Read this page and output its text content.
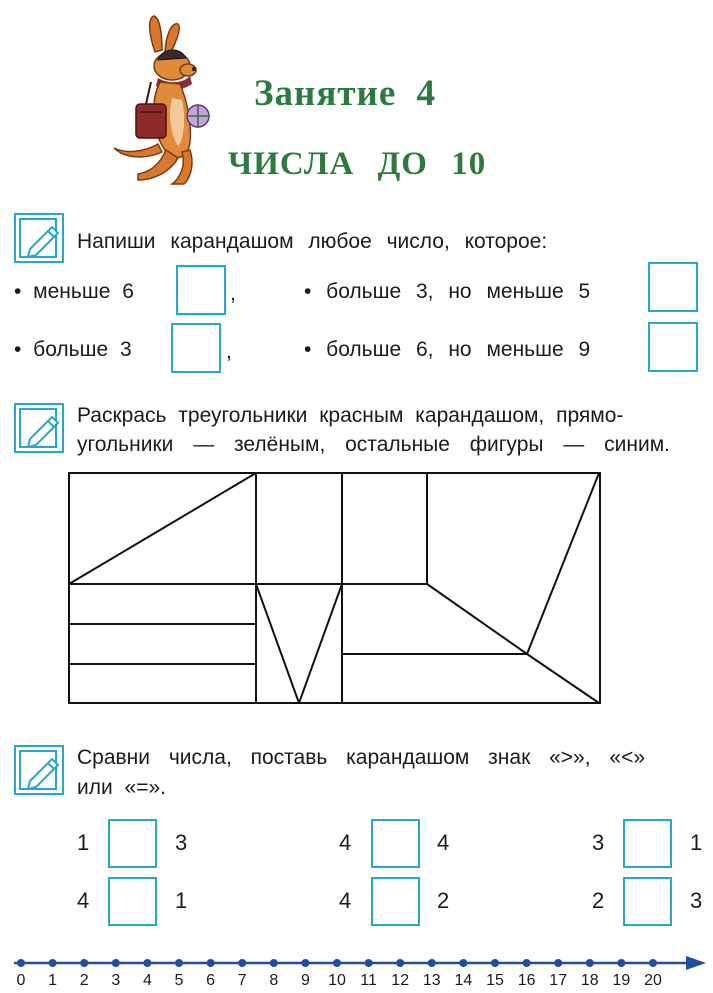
Занятие 4
ЧИСЛА ДО 10
Напиши карандашом любое число, которое:
• меньше 6	,	• больше 3, но меньше 5
• больше 3	,	• больше 6, но меньше 9
Раскрась треугольники красным карандашом, прямо-
угольники — зелёным, остальные фигуры — синим.
Сравни числа, поставь карандашом знак «>», «<»
или «=».
1	3	4	4	3	1
4	1	4	2	2	3
0 1 2 3 4 5 6 7 8 9 10 11 12 13 14 15 16 17 18 19 20
